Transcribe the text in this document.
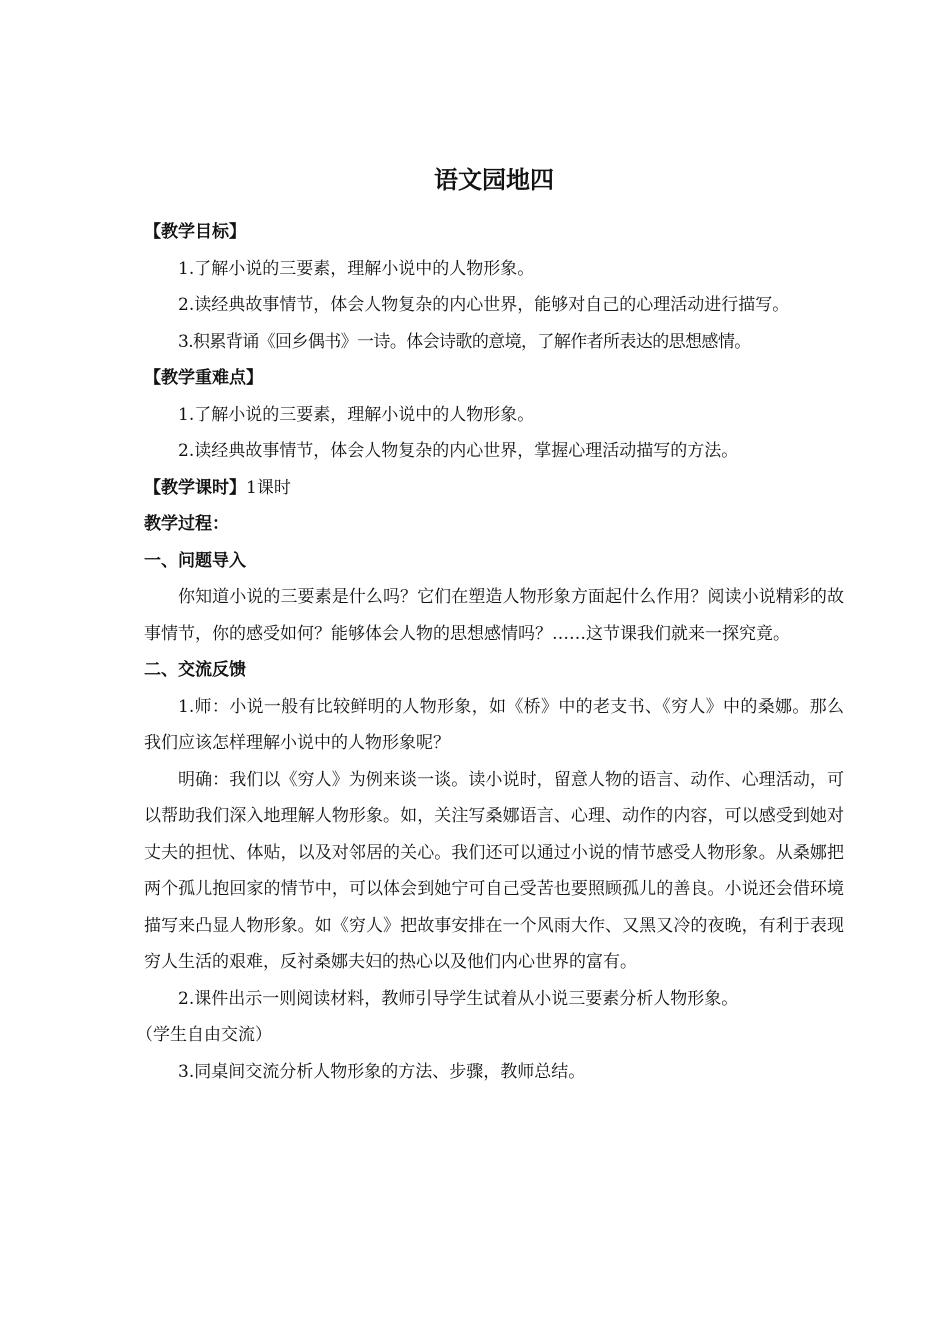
语文园地四
【教学目标】

1.了解小说的三要素，理解小说中的人物形象。

2.读经典故事情节，体会人物复杂的内心世界，能够对自己的心理活动进行描写。

3.积累背诵《回乡偶书》一诗。体会诗歌的意境，了解作者所表达的思想感情。

【教学重难点】

1.了解小说的三要素，理解小说中的人物形象。

2.读经典故事情节，体会人物复杂的内心世界，掌握心理活动描写的方法。

【教学课时】1课时
教学过程：
一、问题导入

你知道小说的三要素是什么吗？它们在塑造人物形象方面起什么作用？阅读小说精彩的故事情节，你的感受如何？能够体会人物的思想感情吗？……这节课我们就来一探究竟。

二、交流反馈

1.师：小说一般有比较鲜明的人物形象，如《桥》中的老支书、《穷人》中的桑娜。那么我们应该怎样理解小说中的人物形象呢？

明确：我们以《穷人》为例来谈一谈。读小说时，留意人物的语言、动作、心理活动，可以帮助我们深入地理解人物形象。如，关注写桑娜语言、心理、动作的内容，可以感受到她对丈夫的担忧、体贴，以及对邻居的关心。我们还可以通过小说的情节感受人物形象。从桑娜把两个孤儿抱回家的情节中，可以体会到她宁可自己受苦也要照顾孤儿的善良。小说还会借环境描写来凸显人物形象。如《穷人》把故事安排在一个风雨大作、又黑又冷的夜晚，有利于表现穷人生活的艰难，反衬桑娜夫妇的热心以及他们内心世界的富有。

2.课件出示一则阅读材料，教师引导学生试着从小说三要素分析人物形象。

（学生自由交流）

3.同桌间交流分析人物形象的方法、步骤，教师总结。
